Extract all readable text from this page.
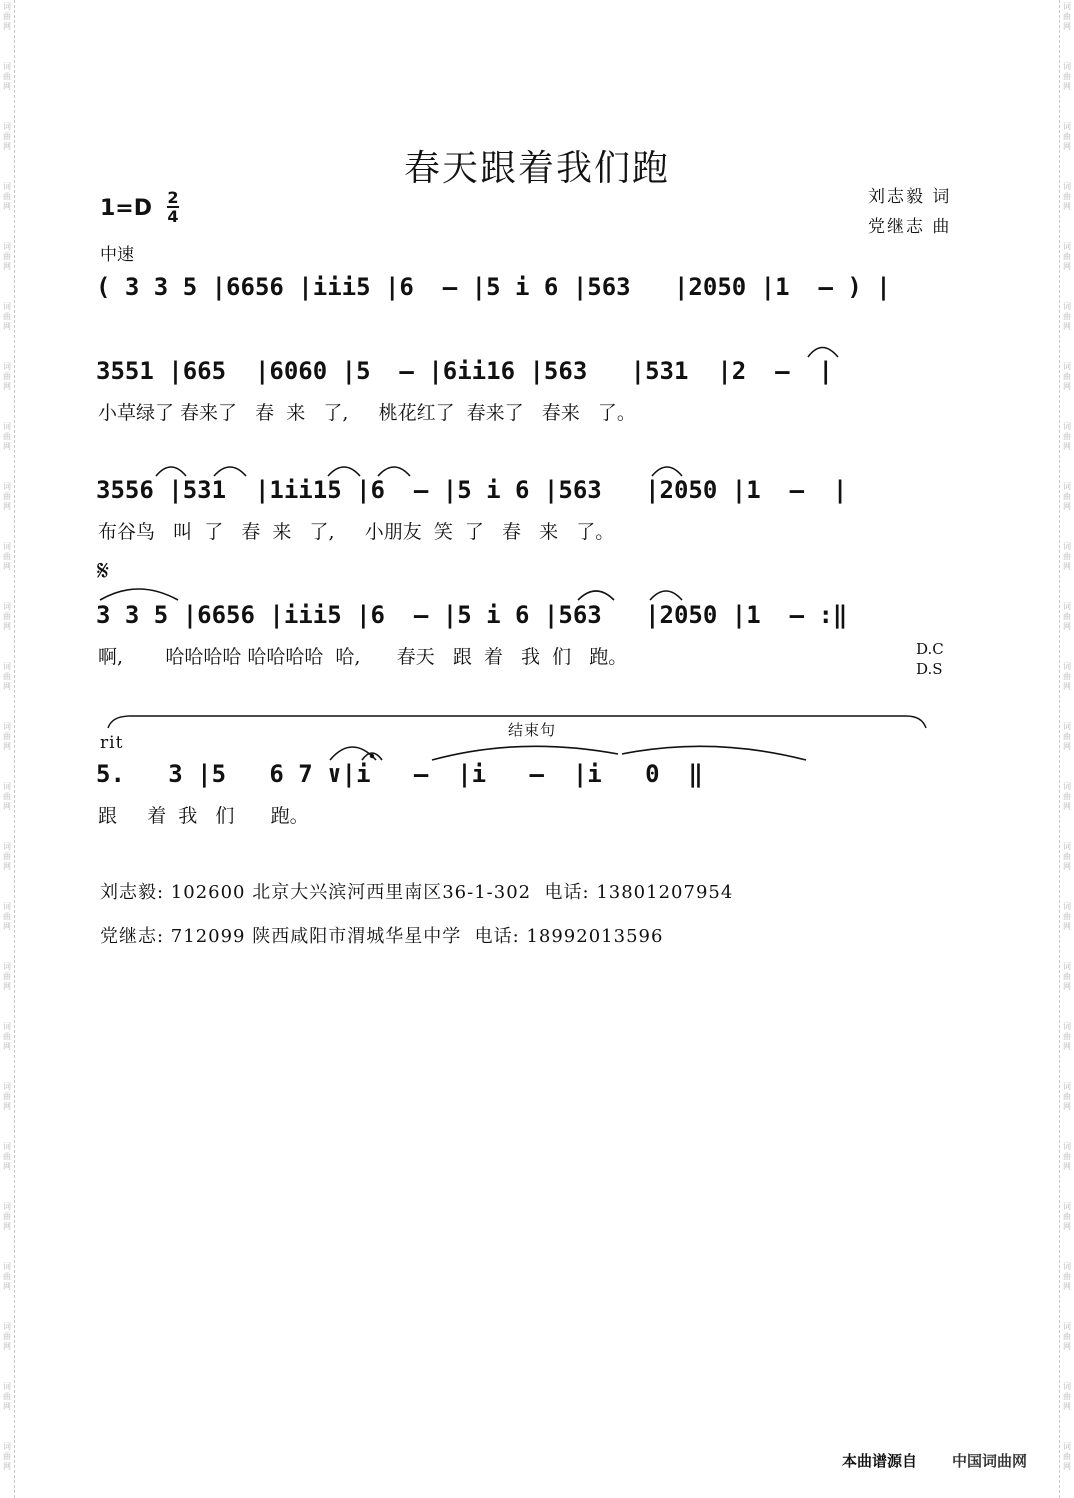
词
曲
网
词
曲
网
词
曲
网
词
曲
网
词
曲
网
词
曲
网
词
曲
网
词
曲
网
词
曲
网
词
曲
网
词
曲
网
词
曲
网
词
曲
网
词
曲
网
词
曲
网
词
曲
网
词
曲
网
词
曲
网
词
曲
网
词
曲
网
词
曲
网
词
曲
网
词
曲
网
词
曲
网
词
曲
网
词
曲
网
词
曲
网
词
曲
网
词
曲
网
词
曲
网
词
曲
网
词
曲
网
词
曲
网
词
曲
网
词
曲
网
词
曲
网
词
曲
网
词
曲
网
词
曲
网
词
曲
网
词
曲
网
词
曲
网
词
曲
网
词
曲
网
词
曲
网
词
曲
网
词
曲
网
词
曲
网
词
曲
网
词
曲
网
春天跟着我们跑
刘志毅 词
党继志 曲
1=D 2
4
中速
( 3 3 5 |6656 |iii5 |6  – |5 i 6 |563   |2050 |1  – ) |
3551 |665  |6060 |5  – |6ii16 |563   |531  |2  –  |
小草绿了 春来了   春  来   了,     桃花红了  春来了   春来   了。
3556 |531  |1ii15 |6  – |5 i 6 |563   |2050 |1  –  |
布谷鸟   叫  了   春  来   了,     小朋友  笑  了   春   来   了。
𝄋
3 3 5 |6656 |iii5 |6  – |5 i 6 |563   |2050 |1  – :‖
啊,       哈哈哈哈 哈哈哈哈  哈,      春天   跟  着   我  们   跑。	D.C
D.S
rit
结束句
5.   3 |5   6 7 ∨|i   –  |i   –  |i   0  ‖
跟     着  我   们      跑。
刘志毅: 102600 北京大兴滨河西里南区36-1-302  电话: 13801207954
党继志: 712099 陕西咸阳市渭城华星中学  电话: 18992013596
本曲谱源自 中国词曲网
